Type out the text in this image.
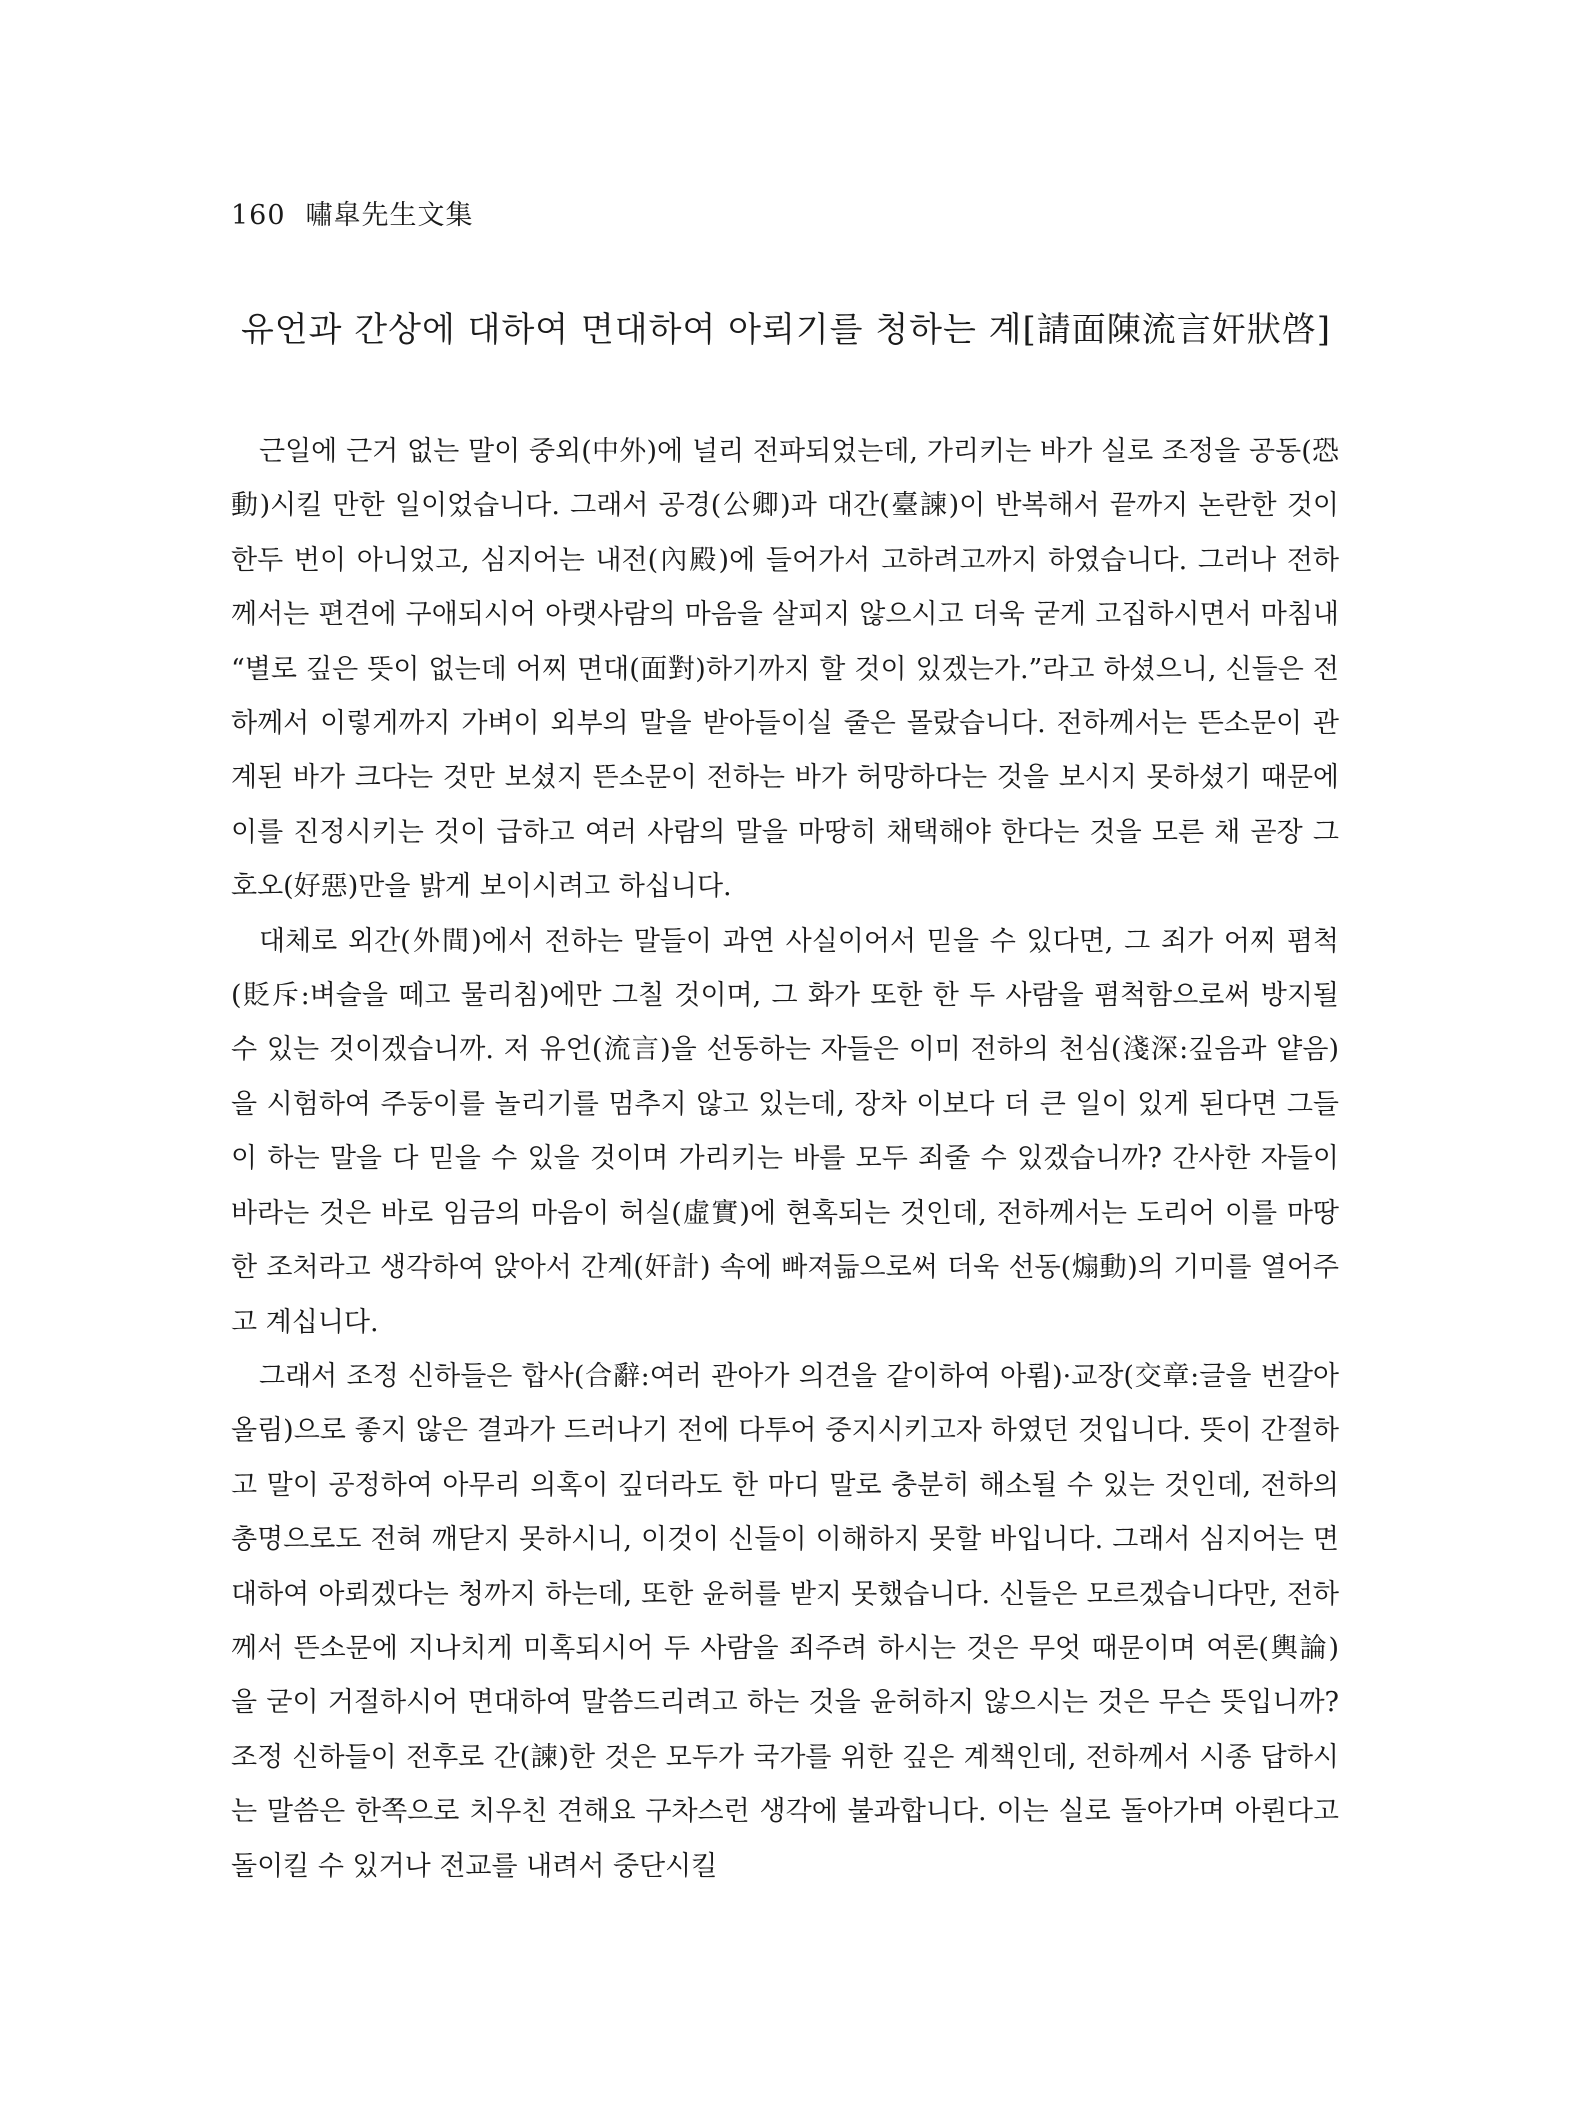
160 嘯皐先生文集
유언과 간상에 대하여 면대하여 아뢰기를 청하는 계[請面陳流言奸狀啓]

근일에 근거 없는 말이 중외(中外)에 널리 전파되었는데, 가리키는 바가 실로 조정을 공동(恐動)시킬 만한 일이었습니다. 그래서 공경(公卿)과 대간(臺諫)이 반복해서 끝까지 논란한 것이 한두 번이 아니었고, 심지어는 내전(內殿)에 들어가서 고하려고까지 하였습니다. 그러나 전하께서는 편견에 구애되시어 아랫사람의 마음을 살피지 않으시고 더욱 굳게 고집하시면서 마침내 “별로 깊은 뜻이 없는데 어찌 면대(面對)하기까지 할 것이 있겠는가.”라고 하셨으니, 신들은 전하께서 이렇게까지 가벼이 외부의 말을 받아들이실 줄은 몰랐습니다. 전하께서는 뜬소문이 관계된 바가 크다는 것만 보셨지 뜬소문이 전하는 바가 허망하다는 것을 보시지 못하셨기 때문에 이를 진정시키는 것이 급하고 여러 사람의 말을 마땅히 채택해야 한다는 것을 모른 채 곧장 그 호오(好惡)만을 밝게 보이시려고 하십니다.

대체로 외간(外間)에서 전하는 말들이 과연 사실이어서 믿을 수 있다면, 그 죄가 어찌 폄척(貶斥:벼슬을 떼고 물리침)에만 그칠 것이며, 그 화가 또한 한 두 사람을 폄척함으로써 방지될 수 있는 것이겠습니까. 저 유언(流言)을 선동하는 자들은 이미 전하의 천심(淺深:깊음과 얕음)을 시험하여 주둥이를 놀리기를 멈추지 않고 있는데, 장차 이보다 더 큰 일이 있게 된다면 그들이 하는 말을 다 믿을 수 있을 것이며 가리키는 바를 모두 죄줄 수 있겠습니까? 간사한 자들이 바라는 것은 바로 임금의 마음이 허실(虛實)에 현혹되는 것인데, 전하께서는 도리어 이를 마땅한 조처라고 생각하여 앉아서 간계(奸計) 속에 빠져듦으로써 더욱 선동(煽動)의 기미를 열어주고 계십니다.

그래서 조정 신하들은 합사(合辭:여러 관아가 의견을 같이하여 아룀)·교장(交章:글을 번갈아 올림)으로 좋지 않은 결과가 드러나기 전에 다투어 중지시키고자 하였던 것입니다. 뜻이 간절하고 말이 공정하여 아무리 의혹이 깊더라도 한 마디 말로 충분히 해소될 수 있는 것인데, 전하의 총명으로도 전혀 깨닫지 못하시니, 이것이 신들이 이해하지 못할 바입니다. 그래서 심지어는 면대하여 아뢰겠다는 청까지 하는데, 또한 윤허를 받지 못했습니다. 신들은 모르겠습니다만, 전하께서 뜬소문에 지나치게 미혹되시어 두 사람을 죄주려 하시는 것은 무엇 때문이며 여론(輿論)을 굳이 거절하시어 면대하여 말씀드리려고 하는 것을 윤허하지 않으시는 것은 무슨 뜻입니까? 조정 신하들이 전후로 간(諫)한 것은 모두가 국가를 위한 깊은 계책인데, 전하께서 시종 답하시는 말씀은 한쪽으로 치우친 견해요 구차스런 생각에 불과합니다. 이는 실로 돌아가며 아뢴다고 돌이킬 수 있거나 전교를 내려서 중단시킬
